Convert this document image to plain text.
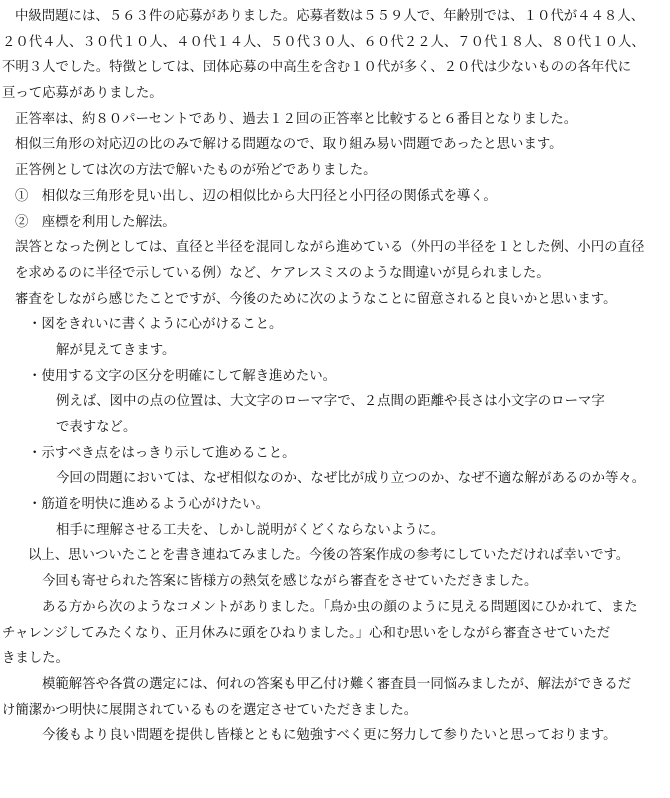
中級問題には、５６３件の応募がありました。応募者数は５５９人で、年齢別では、１０代が４４８人、

２０代４人、３０代１０人、４０代１４人、５０代３０人、６０代２２人、７０代１８人、８０代１０人、

不明３人でした。特徴としては、団体応募の中高生を含む１０代が多く、２０代は少ないものの各年代に

亘って応募がありました。

正答率は、約８０パーセントであり、過去１２回の正答率と比較すると６番目となりました。

相似三角形の対応辺の比のみで解ける問題なので、取り組み易い問題であったと思います。

正答例としては次の方法で解いたものが殆どでありました。

①　相似な三角形を見い出し、辺の相似比から大円径と小円径の関係式を導く。

②　座標を利用した解法。

誤答となった例としては、直径と半径を混同しながら進めている（外円の半径を１とした例、小円の直径

を求めるのに半径で示している例）など、ケアレスミスのような間違いが見られました。

審査をしながら感じたことですが、今後のために次のようなことに留意されると良いかと思います。

・図をきれいに書くように心がけること。

解が見えてきます。

・使用する文字の区分を明確にして解き進めたい。

例えば、図中の点の位置は、大文字のローマ字で、２点間の距離や長さは小文字のローマ字

で表すなど。

・示すべき点をはっきり示して進めること。

今回の問題においては、なぜ相似なのか、なぜ比が成り立つのか、なぜ不適な解があるのか等々。

・筋道を明快に進めるよう心がけたい。

相手に理解させる工夫を、しかし説明がくどくならないように。

以上、思いついたことを書き連ねてみました。今後の答案作成の参考にしていただければ幸いです。

今回も寄せられた答案に皆様方の熱気を感じながら審査をさせていただきました。

ある方から次のようなコメントがありました。「鳥か虫の顔のように見える問題図にひかれて、また

チャレンジしてみたくなり、正月休みに頭をひねりました。」心和む思いをしながら審査させていただ

きました。

模範解答や各賞の選定には、何れの答案も甲乙付け難く審査員一同悩みましたが、解法ができるだ

け簡潔かつ明快に展開されているものを選定させていただきました。

今後もより良い問題を提供し皆様とともに勉強すべく更に努力して参りたいと思っております。
